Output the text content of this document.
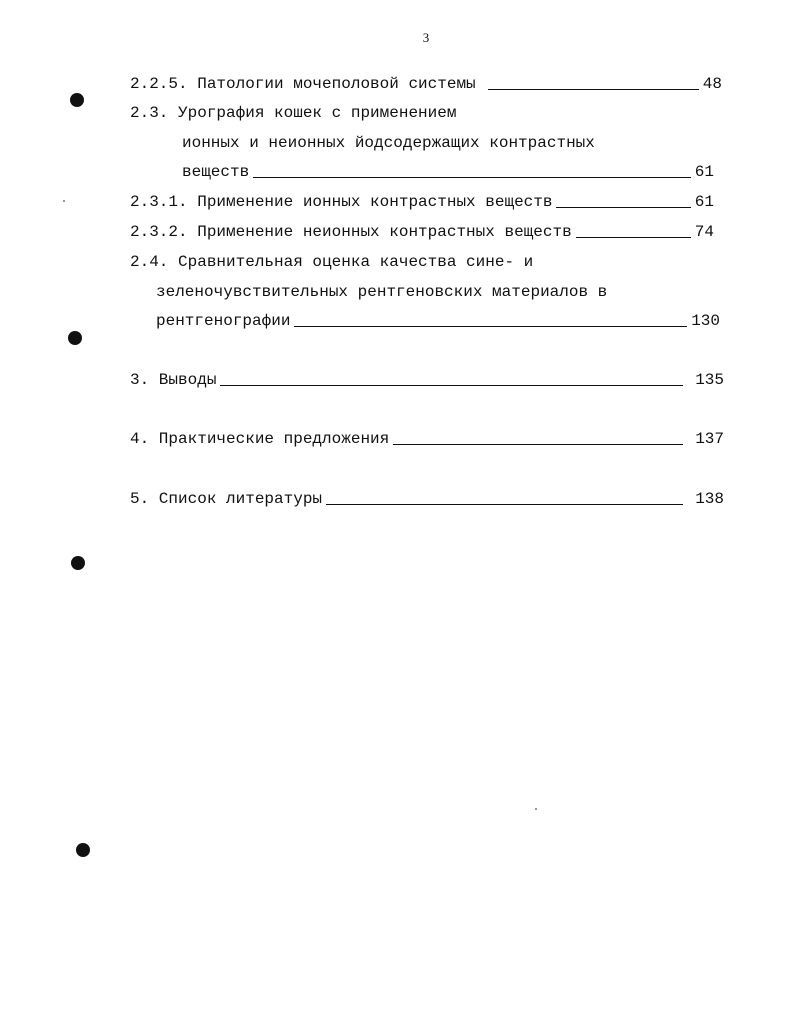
3
2.2.5. Патологии мочеполовой системы	48
2.3. Урография кошек с применением
ионных и неионных йодсодержащих контрастных
веществ	61
2.3.1. Применение ионных контрастных веществ	61
2.3.2. Применение неионных контрастных веществ	74
2.4. Сравнительная оценка качества сине- и
зеленочувствительных рентгеновских материалов в
рентгенографии	130
3. Выводы	135
4. Практические предложения	137
5. Список литературы	138
